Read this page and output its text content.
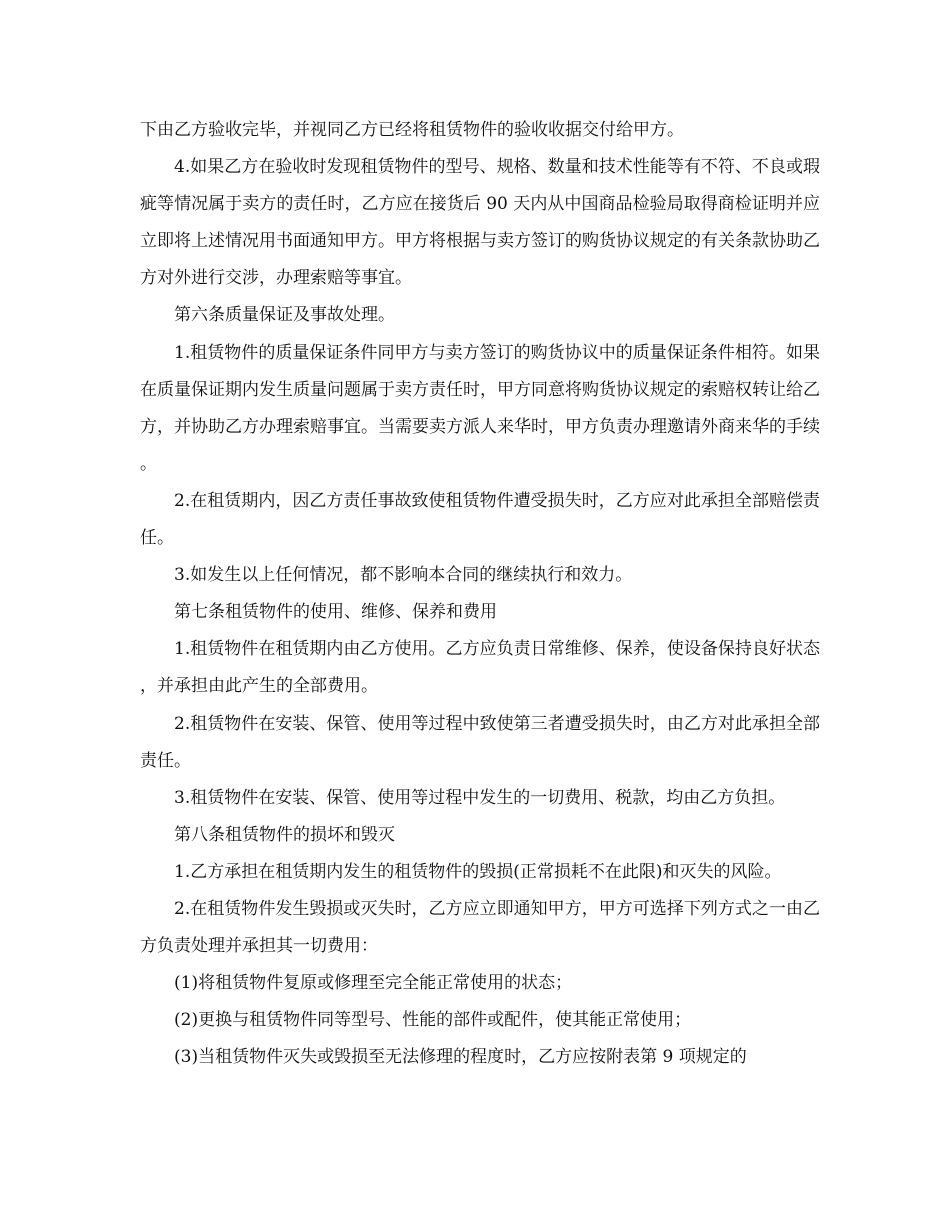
下由乙方验收完毕，并视同乙方已经将租赁物件的验收收据交付给甲方。

4.如果乙方在验收时发现租赁物件的型号、规格、数量和技术性能等有不符、不良或瑕疵等情况属于卖方的责任时，乙方应在接货后 90 天内从中国商品检验局取得商检证明并应立即将上述情况用书面通知甲方。甲方将根据与卖方签订的购货协议规定的有关条款协助乙方对外进行交涉，办理索赔等事宜。

第六条质量保证及事故处理。

1.租赁物件的质量保证条件同甲方与卖方签订的购货协议中的质量保证条件相符。如果在质量保证期内发生质量问题属于卖方责任时，甲方同意将购货协议规定的索赔权转让给乙方，并协助乙方办理索赔事宜。当需要卖方派人来华时，甲方负责办理邀请外商来华的手续。

2.在租赁期内，因乙方责任事故致使租赁物件遭受损失时，乙方应对此承担全部赔偿责任。

3.如发生以上任何情况，都不影响本合同的继续执行和效力。

第七条租赁物件的使用、维修、保养和费用

1.租赁物件在租赁期内由乙方使用。乙方应负责日常维修、保养，使设备保持良好状态，并承担由此产生的全部费用。

2.租赁物件在安装、保管、使用等过程中致使第三者遭受损失时，由乙方对此承担全部责任。

3.租赁物件在安装、保管、使用等过程中发生的一切费用、税款，均由乙方负担。

第八条租赁物件的损坏和毁灭

1.乙方承担在租赁期内发生的租赁物件的毁损(正常损耗不在此限)和灭失的风险。

2.在租赁物件发生毁损或灭失时，乙方应立即通知甲方，甲方可选择下列方式之一由乙方负责处理并承担其一切费用：

(1)将租赁物件复原或修理至完全能正常使用的状态；

(2)更换与租赁物件同等型号、性能的部件或配件，使其能正常使用；

(3)当租赁物件灭失或毁损至无法修理的程度时，乙方应按附表第 9 项规定的
